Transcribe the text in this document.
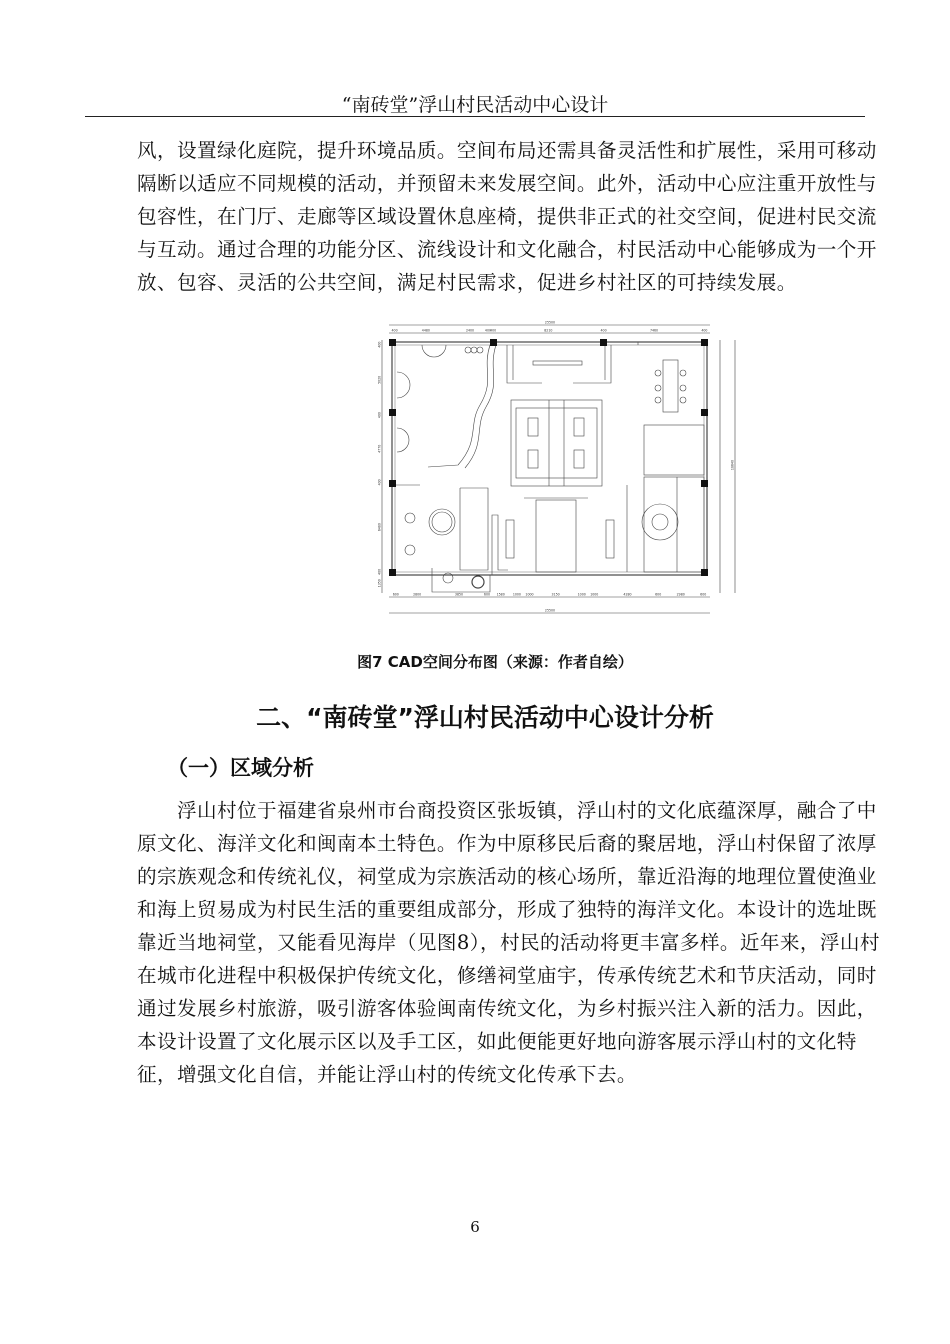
“南砖堂”浮山村民活动中心设计
风，设置绿化庭院，提升环境品质。空间布局还需具备灵活性和扩展性，采用可移动
隔断以适应不同规模的活动，并预留未来发展空间。此外，活动中心应注重开放性与
包容性，在门厅、走廊等区域设置休息座椅，提供非正式的社交空间，促进村民交流
与互动。通过合理的功能分区、流线设计和文化融合，村民活动中心能够成为一个开
放、包容、灵活的公共空间，满足村民需求，促进乡村社区的可持续发展。
400	4480	2400	400 400	8210	400	7460	400
600	2800	3850	600 1580	1000 1000	3150	1000 1000	4280	600	2980	600
400
5020
400
4770
400
6480
400
1350
25500
25500
18640
图7 CAD空间分布图（来源：作者自绘）
二、“南砖堂”浮山村民活动中心设计分析
（一）区域分析
浮山村位于福建省泉州市台商投资区张坂镇，浮山村的文化底蕴深厚，融合了中
原文化、海洋文化和闽南本土特色。作为中原移民后裔的聚居地，浮山村保留了浓厚
的宗族观念和传统礼仪，祠堂成为宗族活动的核心场所，靠近沿海的地理位置使渔业
和海上贸易成为村民生活的重要组成部分，形成了独特的海洋文化。本设计的选址既
靠近当地祠堂，又能看见海岸（见图8），村民的活动将更丰富多样。近年来，浮山村
在城市化进程中积极保护传统文化，修缮祠堂庙宇，传承传统艺术和节庆活动，同时
通过发展乡村旅游，吸引游客体验闽南传统文化，为乡村振兴注入新的活力。因此，
本设计设置了文化展示区以及手工区，如此便能更好地向游客展示浮山村的文化特
征，增强文化自信，并能让浮山村的传统文化传承下去。
6
